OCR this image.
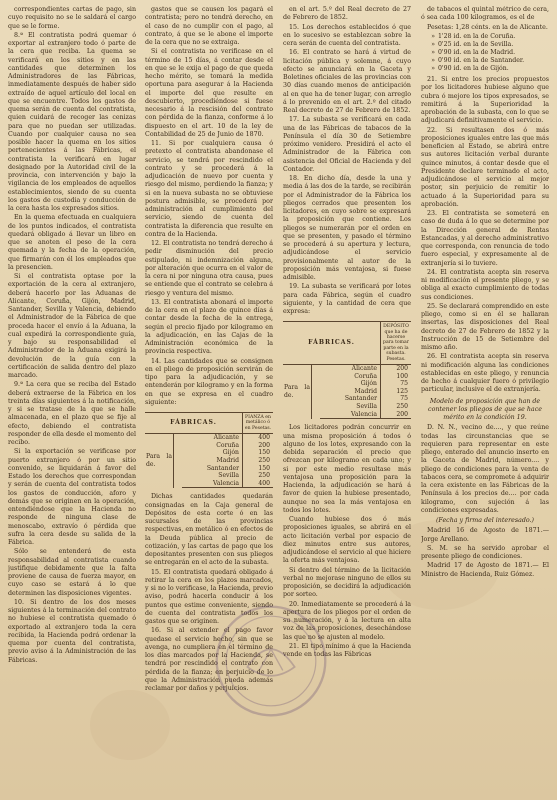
correspondientes cartas de pago, sin cuyo requisito no se le saldará el cargo que se le forme.

8.ª El contratista podrá quemar ó exportar al extranjero todo ó parte de la cera que reciba. La quema se verificará en los sitios y en las cantidades que determinen los Administradores de las Fábricas, inmediatamente después de haber sido extraído de aquel artículo del local en que se encuentre. Todos los gastos de quema serán de cuenta del contratista, quien cuidará de recoger las cenizas para que no puedan ser utilizadas. Cuando por cualquier causa no sea posible hacer la quema en los sitios pertenecientes á las Fábricas, el contratista la verificará en lugar designado por la Autoridad civil de la provincia, con intervención y bajo la vigilancia de los empleados de aquellos establecimientos, siendo de su cuenta los gastos de custodia y conducción de la cera hasta los expresados sitios.

En la quema efectuada en cualquiera de los puntos indicados, el contratista quedará obligado á llevar un libro en que se anoten el peso de la cera quemada y la fecha de la operación, que firmarán con él los empleados que la presencien.

Si el contratista optase por la exportación de la cera al extranjero, deberá hacerlo por las Aduanas de Alicante, Coruña, Gijón, Madrid, Santander, Sevilla y Valencia, debiendo el Administrador de la Fábrica de que proceda hacer el envío á la Aduana, la cual expedirá la correspondiente guía, y bajo su responsabilidad el Administrador de la Aduana exigirá la devolución de la guía con la certificación de salida dentro del plazo marcado.

9.ª La cera que se reciba del Estado deberá extraerse de la Fábrica en los treinta días siguientes á la notificación, y si se tratase de la que se halle almacenada, en el plazo que se fije al efecto, debiendo el contratista responder de ella desde el momento del recibo.

Si la exportación se verificase por puerto extranjero ó por un sitio convenido, se liquidarán á favor del Estado los derechos que correspondan y serán de cuenta del contratista todos los gastos de conducción, aforo y demás que se originen en la operación, entendiéndose que la Hacienda no responde de ninguna clase de menoscabo, extravío ó pérdida que sufra la cera desde su salida de la Fábrica.

Sólo se entenderá de esta responsabilidad al contratista cuando justifique debidamente que la falta proviene de causa de fuerza mayor, en cuyo caso se estará á lo que determinen las disposiciones vigentes.

10. Si dentro de los dos meses siguientes á la terminación del contrato no hubiese el contratista quemado ó exportado al extranjero toda la cera recibida, la Hacienda podrá ordenar la quema por cuenta del contratista, previo aviso á la Administración de las Fábricas.

gastos que se causen los pagará el contratista; pero no tendrá derecho, en el caso de no cumplir con el pago, al contrato, á que se le abone el importe de la cera que no se extraiga.

Si el contratista no verificase en el término de 15 días, á contar desde el en que se le exija el pago de que queda hecho mérito, se tomará la medida oportuna para asegurar á la Hacienda el importe del que resulte en descubierto, procediéndose si fuese necesario á la rescisión del contrato con pérdida de la fianza, conforme á lo dispuesto en el art. 10 de la ley de Contabilidad de 25 de Junio de 1870.

11. Si por cualquiera causa ó pretexto el contratista abandonase el servicio, se tendrá por rescindido el contrato y se procederá á la adjudicación de nuevo por cuenta y riesgo del mismo, perdiendo la fianza; y si en la nueva subasta no se obtuviese postura admisible, se procederá por administración al cumplimiento del servicio, siendo de cuenta del contratista la diferencia que resulte en contra de la Hacienda.

12. El contratista no tendrá derecho á pedir disminución del precio estipulado, ni indemnización alguna, por alteración que ocurra en el valor de la cera ni por ninguna otra causa, pues se entiende que el contrato se celebra á riesgo y ventura del mismo.

13. El contratista abonará el importe de la cera en el plazo de quince días á contar desde la fecha de la entrega, según el precio fijado por kilogramo en la adjudicación, en las Cajas de la Administración económica de la provincia respectiva.

14. Las cantidades que se consignen en el pliego de proposición servirán de tipo para la adjudicación, y se entenderán por kilogramo y en la forma en que se expresa en el cuadro siguiente:

FÁBRICAS.			PIANZA en metálico ó en Pesetas.
Para la de.		Alicante	400
		Coruña	200
		Gijón	150
		Madrid	250
		Santander	150
		Sevilla	250
		Valencia	400

Dichas cantidades quedarán consignadas en la Caja general de Depósitos de esta corte ó en las sucursales de las provincias respectivas, en metálico ó en efectos de la Deuda pública al precio de cotización, y las cartas de pago que los depositantes presenten con sus pliegos se entregarán en el acto de la subasta.

15. El contratista quedará obligado á retirar la cera en los plazos marcados, y si no lo verificase, la Hacienda, previo aviso, podrá hacerla conducir á los puntos que estime conveniente, siendo de cuenta del contratista todos los gastos que se originen.

16. Si al extender el pago favor quedase el servicio hecho, sin que se avenga, no cumpliera en el término de los días marcados por la Hacienda, se tendrá por rescindido el contrato con pérdida de la fianza; en perjuicio de lo que la Administración pueda además reclamar por daños y perjuicios.

en el art. 5.º del Real decreto de 27 de Febrero de 1852.

15. Los derechos establecidos ó que en lo sucesivo se establezcan sobre la cera serán de cuenta del contratista.

16. El contrato se hará á virtud de licitación pública y solemne, á cuyo efecto se anunciará en la Gaceta y Boletines oficiales de las provincias con 30 días cuando menos de anticipación al en que ha de tener lugar, con arreglo á lo prevenido en el art. 2.º del citado Real decreto de 27 de Febrero de 1852.

17. La subasta se verificará en cada una de las Fábricas de tabacos de la Península el día 30 de Setiembre próximo venidero. Presidirá el acto el Administrador de la Fábrica con asistencia del Oficial de Hacienda y del Contador.

18. En dicho día, desde la una y media á las dos de la tarde, se recibirán por el Administrador de la Fábrica los pliegos cerrados que presenten los licitadores, en cuyo sobre se expresará la proposición que contiene. Los pliegos se numerarán por el orden en que se presenten, y pasado el término se procederá á su apertura y lectura, adjudicándose el servicio provisionalmente al autor de la proposición más ventajosa, si fuese admisible.

19. La subasta se verificará por lotes para cada Fábrica, según el cuadro siguiente, y la cantidad de cera que expresa:

FÁBRICAS.			DEPÓSITO que ha de hacerse para tomar parte en la subasta. Pesetas.
Para la de.		Alicante	200
		Coruña	100
		Gijón	75
		Madrid	125
		Santander	75
		Sevilla	250
		Valencia	200

Los licitadores podrán concurrir en una misma proposición á todos ó alguno de los lotes, expresando con la debida separación el precio que ofrezcan por kilogramo en cada uno; y si por este medio resultase más ventajosa una proposición para la Hacienda, la adjudicación se hará á favor de quien la hubiese presentado, aunque no sea la más ventajosa en todos los lotes.

Cuando hubiese dos ó más proposiciones iguales, se abrirá en el acto licitación verbal por espacio de diez minutos entre sus autores, adjudicándose el servicio al que hiciere la oferta más ventajosa.

Si dentro del término de la licitación verbal no mejorase ninguno de ellos su proposición, se decidirá la adjudicación por sorteo.

20. Inmediatamente se procederá á la apertura de los pliegos por el orden de su numeración, y á la lectura en alta voz de las proposiciones, desechándose las que no se ajusten al modelo.

21. El tipo mínimo á que la Hacienda vende en todas las Fábricas

de tabacos el quintal métrico de cera, ó sea cada 100 kilogramos, es el de

Pesetas: 1,28 cénts. en la de Alicante.

» 1'28 id. en la de Coruña.
» 0'25 id. en la de Sevilla.
» 0'90 id. en la de Madrid.
» 0'90 id. en la de Santander.
» 0'90 id. en la de Gijón.

21. Si entre los precios propuestos por los licitadores hubiese alguno que cubra ó mejore los tipos expresados, se remitirá á la Superioridad la aprobación de la subasta, con lo que se adjudicará definitivamente el servicio.

22. Si resultasen dos ó más proposiciones iguales entre las que más beneficien al Estado, se abrirá entre sus autores licitación verbal durante quince minutos, á contar desde que el Presidente declare terminado el acto, adjudicándose el servicio al mejor postor, sin perjuicio de remitir lo actuado á la Superioridad para su aprobación.

23. El contratista se someterá en caso de duda á lo que se determine por la Dirección general de Rentas Estancadas, y al derecho administrativo que corresponda, con renuncia de todo fuero especial, y expresamente al de extranjería si lo tuviere.

24. El contratista acepta sin reserva ni modificación el presente pliego, y se obliga al exacto cumplimiento de todas sus condiciones.

25. Se declarará comprendido en este pliego, como si en él se hallaran insertas, las disposiciones del Real decreto de 27 de Febrero de 1852 y la Instrucción de 15 de Setiembre del mismo año.

26. El contratista acepta sin reserva ni modificación alguna las condiciones establecidas en este pliego, y renuncia de hecho á cualquier fuero ó privilegio particular, inclusive el de extranjería.

Modelo de proposición que han de contener los pliegos de que se hace mérito en la condición 19.

D. N. N., vecino de...., y que reúne todas las circunstancias que se requieren para representar en este pliego, enterado del anuncio inserto en la Gaceta de Madrid, número.... y pliego de condiciones para la venta de tabacos cera, se compromete á adquirir la cera existente en las Fábricas de la Península á los precios de.... por cada kilogramo, con sujeción á las condiciones expresadas.

(Fecha y firma del interesado.)

Madrid 16 de Agosto de 1871.— Jorge Arellano.

S. M. se ha servido aprobar el presente pliego de condiciones.

Madrid 17 de Agosto de 1871.— El Ministro de Hacienda, Ruiz Gómez.
